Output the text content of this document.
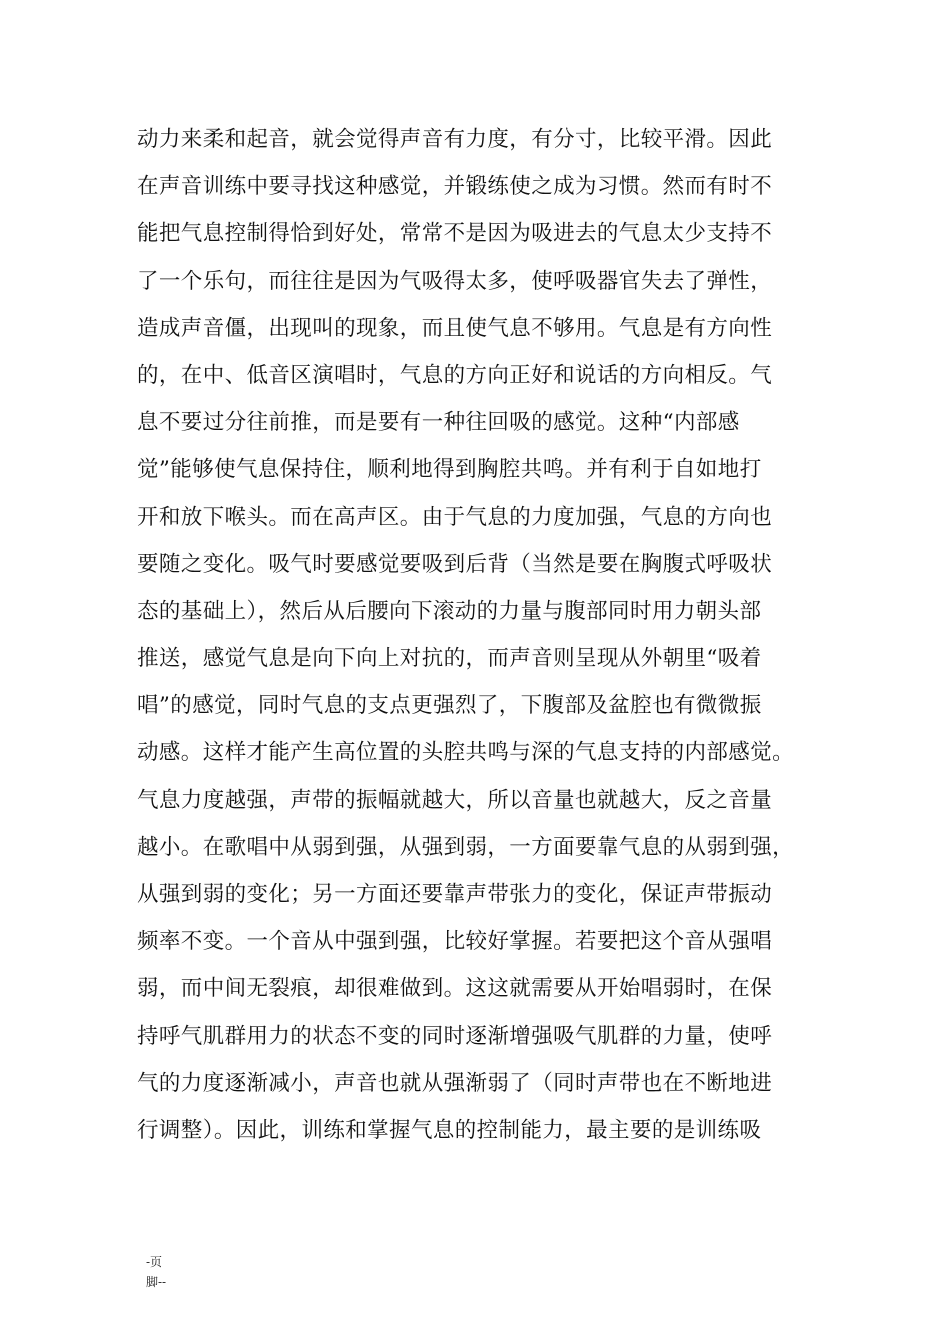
动力来柔和起音，就会觉得声音有力度，有分寸，比较平滑。因此
在声音训练中要寻找这种感觉，并锻练使之成为习惯。然而有时不
能把气息控制得恰到好处，常常不是因为吸进去的气息太少支持不
了一个乐句，而往往是因为气吸得太多，使呼吸器官失去了弹性，
造成声音僵，出现叫的现象，而且使气息不够用。气息是有方向性
的，在中、低音区演唱时，气息的方向正好和说话的方向相反。气
息不要过分往前推，而是要有一种往回吸的感觉。这种“内部感
觉”能够使气息保持住，顺利地得到胸腔共鸣。并有利于自如地打
开和放下喉头。而在高声区。由于气息的力度加强，气息的方向也
要随之变化。吸气时要感觉要吸到后背（当然是要在胸腹式呼吸状
态的基础上），然后从后腰向下滚动的力量与腹部同时用力朝头部
推送，感觉气息是向下向上对抗的，而声音则呈现从外朝里“吸着
唱”的感觉，同时气息的支点更强烈了，下腹部及盆腔也有微微振
动感。这样才能产生高位置的头腔共鸣与深的气息支持的内部感觉。
气息力度越强，声带的振幅就越大，所以音量也就越大，反之音量
越小。在歌唱中从弱到强，从强到弱，一方面要靠气息的从弱到强，
从强到弱的变化；另一方面还要靠声带张力的变化，保证声带振动
频率不变。一个音从中强到强，比较好掌握。若要把这个音从强唱
弱，而中间无裂痕，却很难做到。这这就需要从开始唱弱时，在保
持呼气肌群用力的状态不变的同时逐渐增强吸气肌群的力量，使呼
气的力度逐渐减小，声音也就从强渐弱了（同时声带也在不断地进
行调整）。因此，训练和掌握气息的控制能力，最主要的是训练吸
-页
脚--
